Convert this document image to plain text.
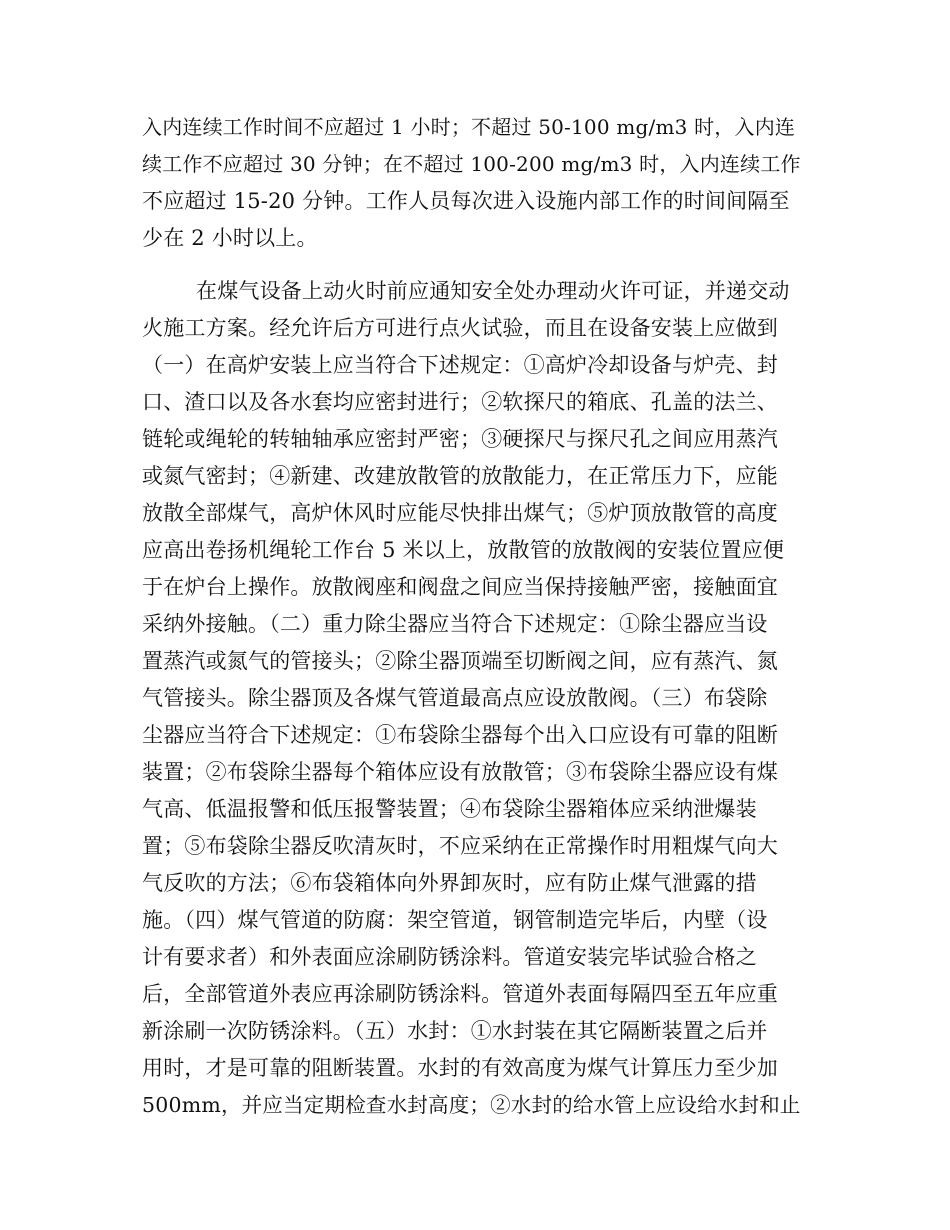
入内连续工作时间不应超过 1 小时；不超过 50-100 mg/m3 时，入内连
续工作不应超过 30 分钟；在不超过 100-200 mg/m3 时，入内连续工作
不应超过 15-20 分钟。工作人员每次进入设施内部工作的时间间隔至
少在 2 小时以上。
在煤气设备上动火时前应通知安全处办理动火许可证，并递交动
火施工方案。经允许后方可进行点火试验，而且在设备安装上应做到
（一）在高炉安装上应当符合下述规定：①高炉冷却设备与炉壳、封
口、渣口以及各水套均应密封进行；②软探尺的箱底、孔盖的法兰、
链轮或绳轮的转轴轴承应密封严密；③硬探尺与探尺孔之间应用蒸汽
或氮气密封；④新建、改建放散管的放散能力，在正常压力下，应能
放散全部煤气，高炉休风时应能尽快排出煤气；⑤炉顶放散管的高度
应高出卷扬机绳轮工作台 5 米以上，放散管的放散阀的安装位置应便
于在炉台上操作。放散阀座和阀盘之间应当保持接触严密，接触面宜
采纳外接触。（二）重力除尘器应当符合下述规定：①除尘器应当设
置蒸汽或氮气的管接头；②除尘器顶端至切断阀之间，应有蒸汽、氮
气管接头。除尘器顶及各煤气管道最高点应设放散阀。（三）布袋除
尘器应当符合下述规定：①布袋除尘器每个出入口应设有可靠的阻断
装置；②布袋除尘器每个箱体应设有放散管；③布袋除尘器应设有煤
气高、低温报警和低压报警装置；④布袋除尘器箱体应采纳泄爆装
置；⑤布袋除尘器反吹清灰时，不应采纳在正常操作时用粗煤气向大
气反吹的方法；⑥布袋箱体向外界卸灰时，应有防止煤气泄露的措
施。（四）煤气管道的防腐：架空管道，钢管制造完毕后，内壁（设
计有要求者）和外表面应涂刷防锈涂料。管道安装完毕试验合格之
后，全部管道外表应再涂刷防锈涂料。管道外表面每隔四至五年应重
新涂刷一次防锈涂料。（五）水封：①水封装在其它隔断装置之后并
用时，才是可靠的阻断装置。水封的有效高度为煤气计算压力至少加
500mm，并应当定期检查水封高度；②水封的给水管上应设给水封和止
